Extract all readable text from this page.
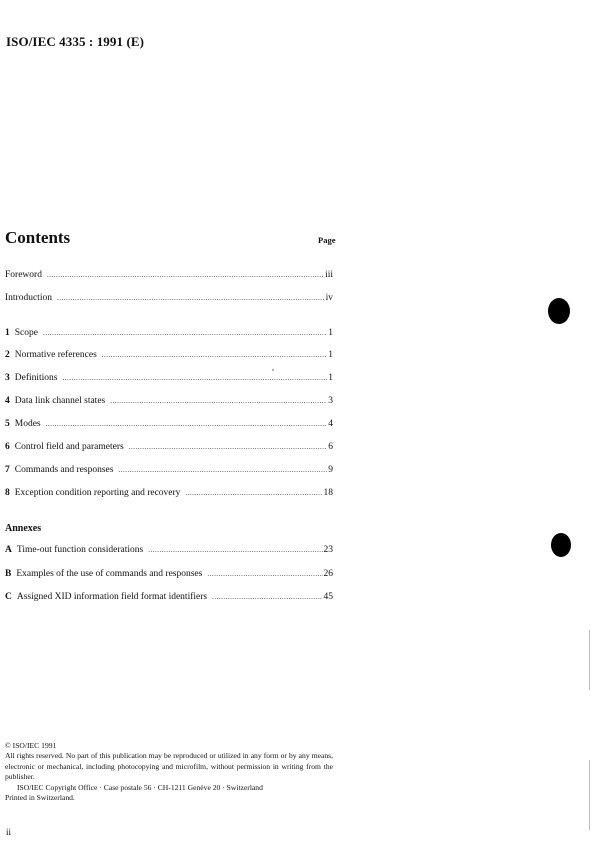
ISO/IEC 4335 : 1991 (E)
Contents	Page
Foreword .....	iii
Introduction .....	iv
1 Scope .....	1
2 Normative references .....	1
3 Definitions .....	1
4 Data link channel states .....	3
5 Modes .....	4
6 Control field and parameters .....	6
7 Commands and responses .....	9
8 Exception condition reporting and recovery .....	18
Annexes
A Time-out function considerations .....	23
B Examples of the use of commands and responses .....	26
C Assigned XID information field format identifiers .....	45

© ISO/IEC 1991

All rights reserved. No part of this publication may be reproduced or utilized in any form or by any means, electronic or mechanical, including photocopying and microfilm, without permission in writing from the publisher.

ISO/IEC Copyright Office · Case postale 56 · CH-1211 Genève 20 · Switzerland

Printed in Switzerland.

ii
